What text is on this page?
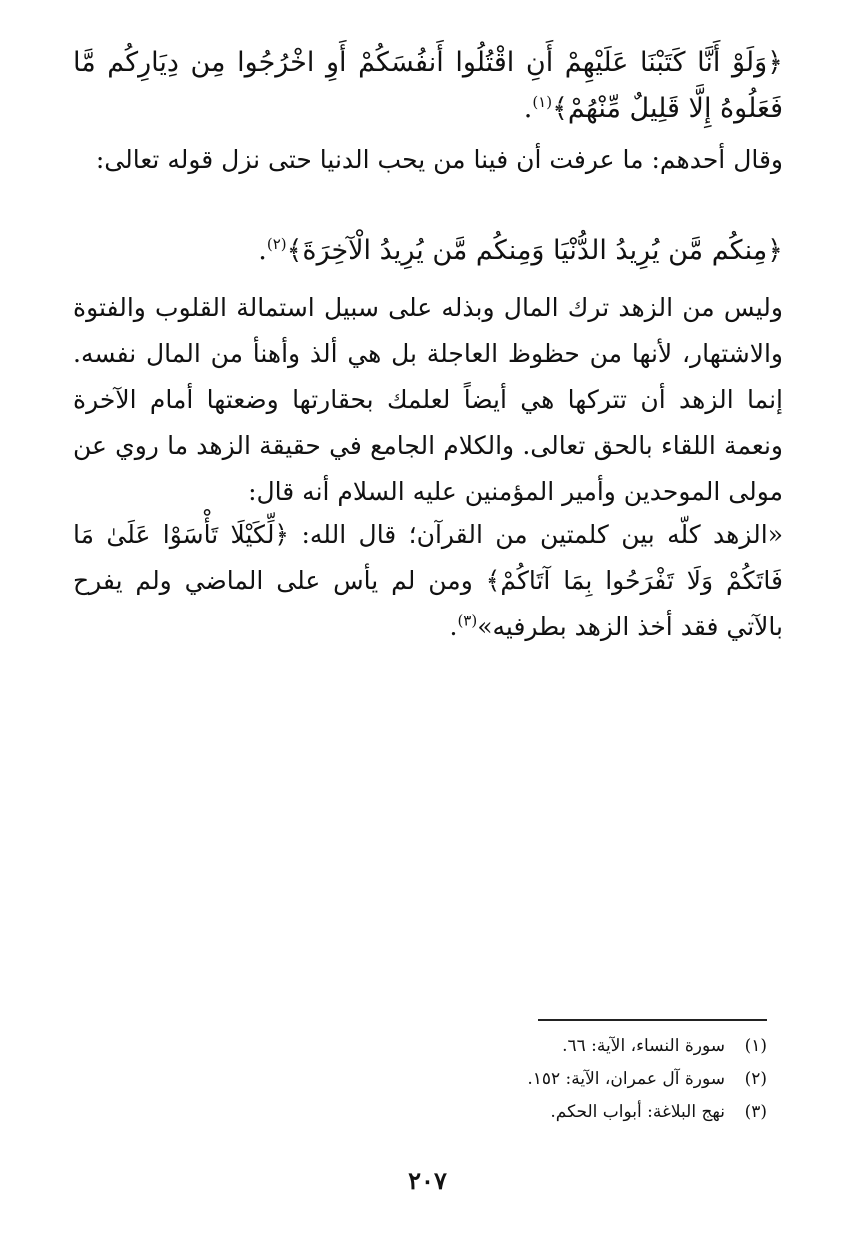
﴿وَلَوْ أَنَّا كَتَبْنَا عَلَيْهِمْ أَنِ اقْتُلُوا أَنفُسَكُمْ أَوِ اخْرُجُوا مِن دِيَارِكُم مَّا فَعَلُوهُ إِلَّا قَلِيلٌ مِّنْهُمْ﴾$^{(١)}$.
وقال أحدهم: ما عرفت أن فينا من يحب الدنيا حتى نزل قوله تعالى:
﴿مِنكُم مَّن يُرِيدُ الدُّنْيَا وَمِنكُم مَّن يُرِيدُ الْآخِرَةَ﴾$^{(٢)}$.
وليس من الزهد ترك المال وبذله على سبيل استمالة القلوب والفتوة والاشتهار، لأنها من حظوظ العاجلة بل هي ألذ وأهنأ من المال نفسه. إنما الزهد أن تتركها هي أيضاً لعلمك بحقارتها وضعتها أمام الآخرة ونعمة اللقاء بالحق تعالى. والكلام الجامع في حقيقة الزهد ما روي عن مولى الموحدين وأمير المؤمنين عليه السلام أنه قال:
«الزهد كلّه بين كلمتين من القرآن؛ قال الله: ﴿لِّكَيْلَا تَأْسَوْا عَلَىٰ مَا فَاتَكُمْ وَلَا تَفْرَحُوا بِمَا آتَاكُمْ﴾ ومن لم يأس على الماضي ولم يفرح بالآتي فقد أخذ الزهد بطرفيه»$^{(٣)}$.
(١)سورة النساء، الآية: ٦٦.
(٢)سورة آل عمران، الآية: ١٥٢.
(٣)نهج البلاغة: أبواب الحكم.
٢٠٧
